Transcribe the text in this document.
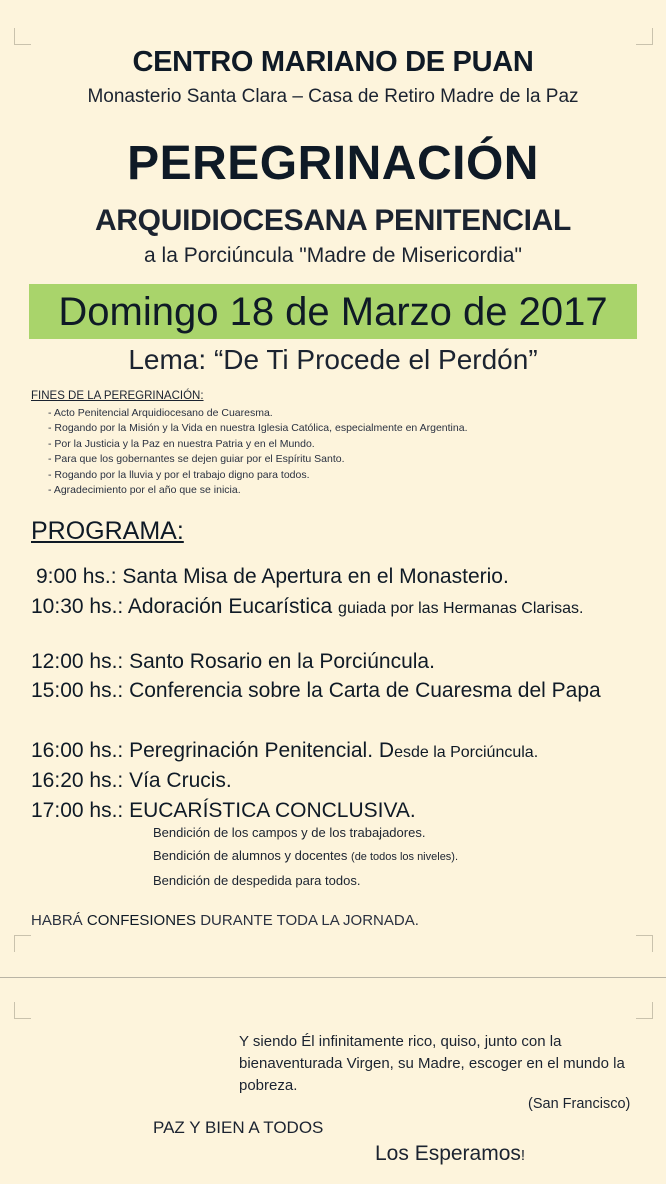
CENTRO MARIANO DE PUAN
Monasterio Santa Clara – Casa de Retiro Madre de la Paz
PEREGRINACIÓN
ARQUIDIOCESANA PENITENCIAL
a la Porciúncula "Madre de Misericordia"
Domingo 18 de Marzo de 2017
Lema: “De Ti Procede el Perdón”
FINES DE LA PEREGRINACIÓN:
- Acto Penitencial Arquidiocesano de Cuaresma.
- Rogando por la Misión y la Vida en nuestra Iglesia Católica, especialmente en Argentina.
- Por la Justicia y la Paz en nuestra Patria y en el Mundo.
- Para que los gobernantes se dejen guiar por el Espíritu Santo.
- Rogando por la lluvia y por el trabajo digno para todos.
- Agradecimiento por el año que se inicia.
PROGRAMA:
9:00 hs.: Santa Misa de Apertura en el Monasterio.
10:30 hs.: Adoración Eucarística guiada por las Hermanas Clarisas.
12:00 hs.: Santo Rosario en la Porciúncula.
15:00 hs.: Conferencia sobre la Carta de Cuaresma del Papa
16:00 hs.: Peregrinación Penitencial. Desde la Porciúncula.
16:20 hs.: Vía Crucis.
17:00 hs.: EUCARÍSTICA CONCLUSIVA.
Bendición de los campos y de los trabajadores.
Bendición de alumnos y docentes (de todos los niveles).
Bendición de despedida para todos.
HABRÁ CONFESIONES DURANTE TODA LA JORNADA.
Y siendo Él infinitamente rico, quiso, junto con la bienaventurada Virgen, su Madre, escoger en el mundo la pobreza.
(San Francisco)
PAZ Y BIEN A TODOS
Los Esperamos!
